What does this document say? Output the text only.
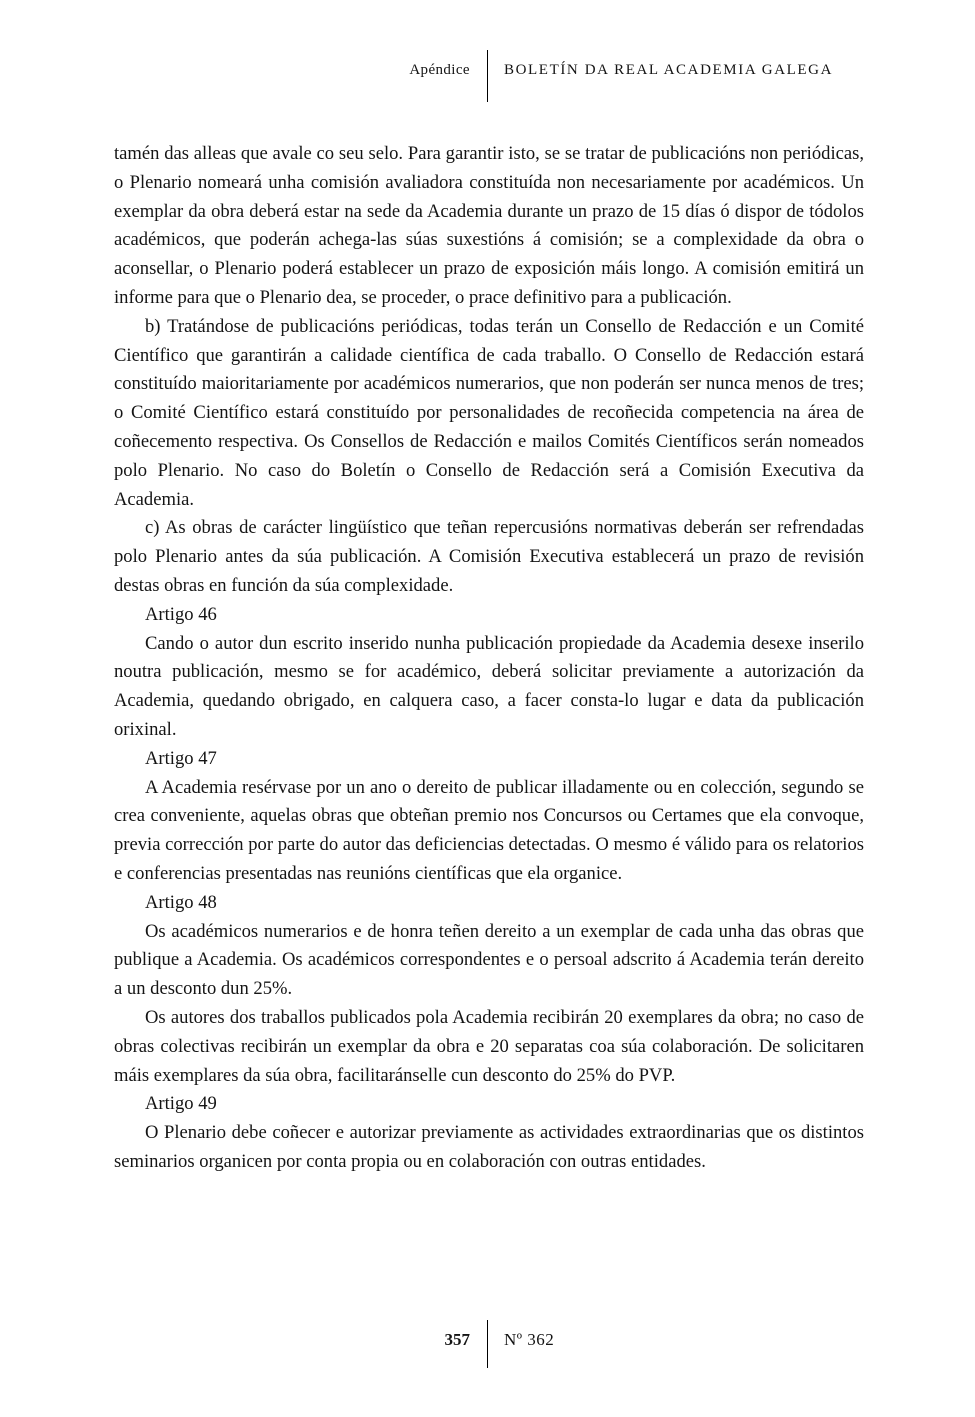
Apéndice BOLETÍN DA REAL ACADEMIA GALEGA

tamén das alleas que avale co seu selo. Para garantir isto, se se tratar de publicacións non periódicas, o Plenario nomeará unha comisión avaliadora constituída non necesariamente por académicos. Un exemplar da obra deberá estar na sede da Academia durante un prazo de 15 días ó dispor de tódolos académicos, que poderán achega-las súas suxestións á comisión; se a complexidade da obra o aconsellar, o Plenario poderá establecer un prazo de exposición máis longo. A comisión emitirá un informe para que o Plenario dea, se proceder, o prace definitivo para a publicación.

b) Tratándose de publicacións periódicas, todas terán un Consello de Redacción e un Comité Científico que garantirán a calidade científica de cada traballo. O Consello de Redacción estará constituído maioritariamente por académicos numerarios, que non poderán ser nunca menos de tres; o Comité Científico estará constituído por personalidades de recoñecida competencia na área de coñecemento respectiva. Os Consellos de Redacción e mailos Comités Científicos serán nomeados polo Plenario. No caso do Boletín o Consello de Redacción será a Comisión Executiva da Academia.

c) As obras de carácter lingüístico que teñan repercusións normativas deberán ser refrendadas polo Plenario antes da súa publicación. A Comisión Executiva establecerá un prazo de revisión destas obras en función da súa complexidade.

Artigo 46

Cando o autor dun escrito inserido nunha publicación propiedade da Academia desexe inserilo noutra publicación, mesmo se for académico, deberá solicitar previamente a autorización da Academia, quedando obrigado, en calquera caso, a facer consta-lo lugar e data da publicación orixinal.

Artigo 47

A Academia resérvase por un ano o dereito de publicar illadamente ou en colección, segundo se crea conveniente, aquelas obras que obteñan premio nos Concursos ou Certames que ela convoque, previa corrección por parte do autor das deficiencias detectadas. O mesmo é válido para os relatorios e conferencias presentadas nas reunións científicas que ela organice.

Artigo 48

Os académicos numerarios e de honra teñen dereito a un exemplar de cada unha das obras que publique a Academia. Os académicos correspondentes e o persoal adscrito á Academia terán dereito a un desconto dun 25%.

Os autores dos traballos publicados pola Academia recibirán 20 exemplares da obra; no caso de obras colectivas recibirán un exemplar da obra e 20 separatas coa súa colaboración. De solicitaren máis exemplares da súa obra, facilitaránselle cun desconto do 25% do PVP.

Artigo 49

O Plenario debe coñecer e autorizar previamente as actividades extraordinarias que os distintos seminarios organicen por conta propia ou en colaboración con outras entidades.

357 Nº 362
